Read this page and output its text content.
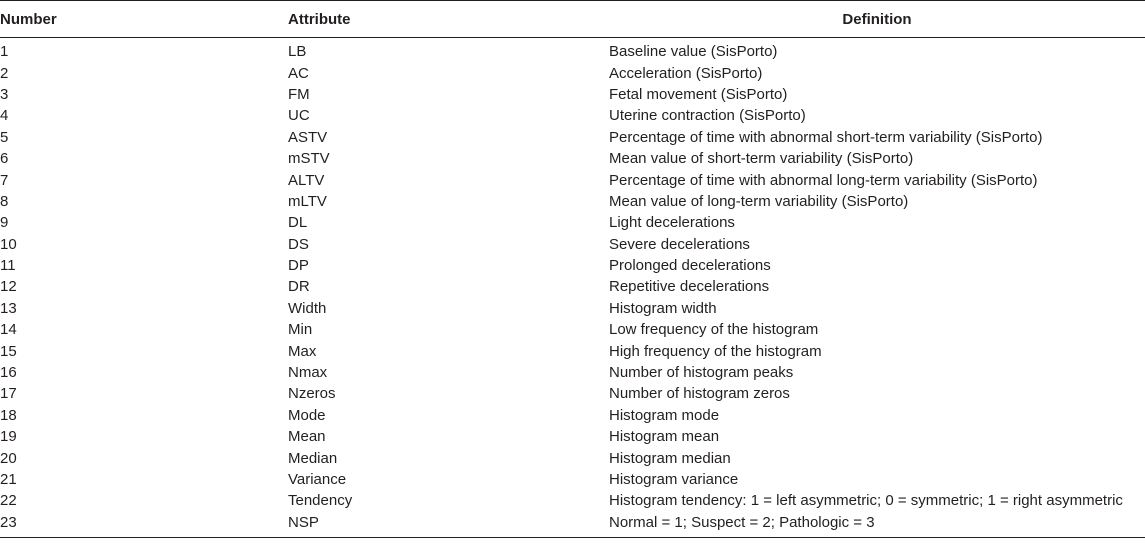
Number	Attribute	Definition
1	LB	Baseline value (SisPorto)
2	AC	Acceleration (SisPorto)
3	FM	Fetal movement (SisPorto)
4	UC	Uterine contraction (SisPorto)
5	ASTV	Percentage of time with abnormal short-term variability (SisPorto)
6	mSTV	Mean value of short-term variability (SisPorto)
7	ALTV	Percentage of time with abnormal long-term variability (SisPorto)
8	mLTV	Mean value of long-term variability (SisPorto)
9	DL	Light decelerations
10	DS	Severe decelerations
11	DP	Prolonged decelerations
12	DR	Repetitive decelerations
13	Width	Histogram width
14	Min	Low frequency of the histogram
15	Max	High frequency of the histogram
16	Nmax	Number of histogram peaks
17	Nzeros	Number of histogram zeros
18	Mode	Histogram mode
19	Mean	Histogram mean
20	Median	Histogram median
21	Variance	Histogram variance
22	Tendency	Histogram tendency: 1 = left asymmetric; 0 = symmetric; 1 = right asymmetric
23	NSP	Normal = 1; Suspect = 2; Pathologic = 3
